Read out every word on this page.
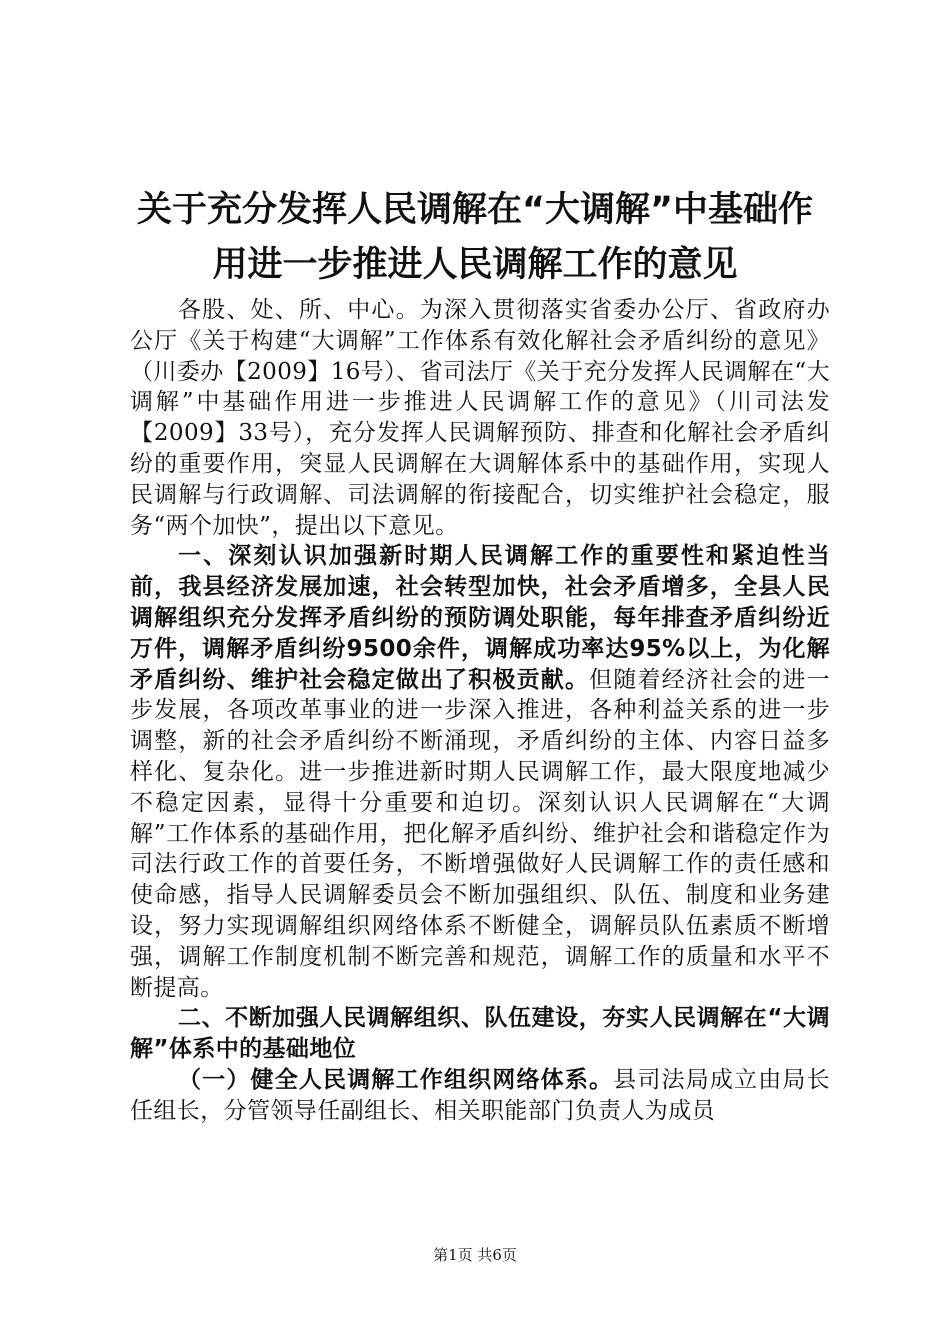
关于充分发挥人民调解在“大调解”中基础作
用进一步推进人民调解工作的意见

各股、处、所、中心。为深入贯彻落实省委办公厅、省政府办公厅《关于构建“大调解”工作体系有效化解社会矛盾纠纷的意见》（川委办【2009】16号）、省司法厅《关于充分发挥人民调解在“大调解”中基础作用进一步推进人民调解工作的意见》（川司法发【2009】33号），充分发挥人民调解预防、排查和化解社会矛盾纠纷的重要作用，突显人民调解在大调解体系中的基础作用，实现人民调解与行政调解、司法调解的衔接配合，切实维护社会稳定，服务“两个加快”，提出以下意见。

一、深刻认识加强新时期人民调解工作的重要性和紧迫性当前，我县经济发展加速，社会转型加快，社会矛盾增多，全县人民调解组织充分发挥矛盾纠纷的预防调处职能，每年排查矛盾纠纷近万件，调解矛盾纠纷9500余件，调解成功率达95%以上，为化解矛盾纠纷、维护社会稳定做出了积极贡献。但随着经济社会的进一步发展，各项改革事业的进一步深入推进，各种利益关系的进一步调整，新的社会矛盾纠纷不断涌现，矛盾纠纷的主体、内容日益多样化、复杂化。进一步推进新时期人民调解工作，最大限度地减少不稳定因素，显得十分重要和迫切。深刻认识人民调解在“大调解”工作体系的基础作用，把化解矛盾纠纷、维护社会和谐稳定作为司法行政工作的首要任务，不断增强做好人民调解工作的责任感和使命感，指导人民调解委员会不断加强组织、队伍、制度和业务建设，努力实现调解组织网络体系不断健全，调解员队伍素质不断增强，调解工作制度机制不断完善和规范，调解工作的质量和水平不断提高。

二、不断加强人民调解组织、队伍建设，夯实人民调解在“大调解”体系中的基础地位

（一）健全人民调解工作组织网络体系。县司法局成立由局长任组长，分管领导任副组长、相关职能部门负责人为成员

第1页 共6页
